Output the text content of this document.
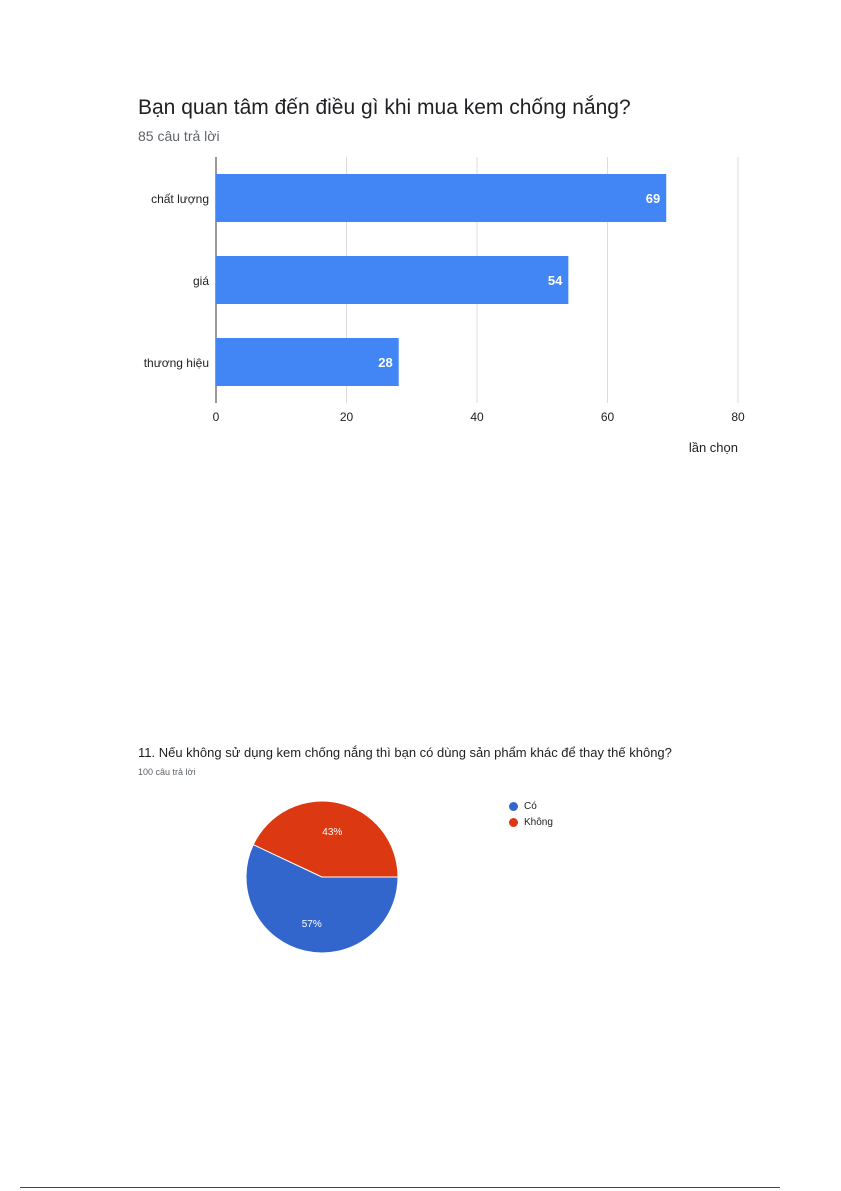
Bạn quan tâm đến điều gì khi mua kem chống nắng?
85 câu trả lời
69
54
28
chất lượng
giá
thương hiệu
0	20	40	60	80
lần chọn
11. Nếu không sử dụng kem chống nắng thì bạn có dùng sản phẩm khác để thay thế không?
100 câu trả lời
57%
43%
Có
Không
